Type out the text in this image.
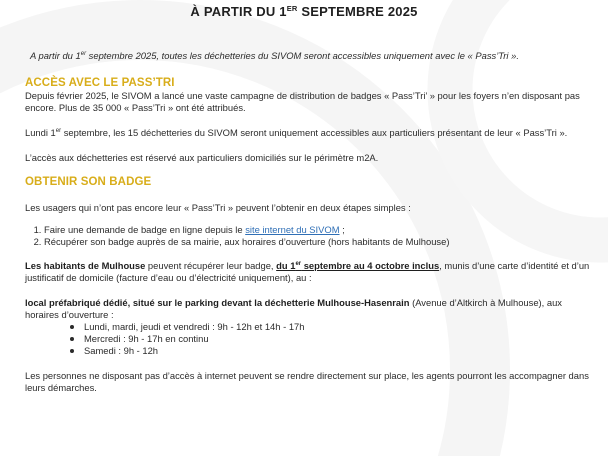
À PARTIR DU 1ER SEPTEMBRE 2025

A partir du 1er septembre 2025, toutes les déchetteries du SIVOM seront accessibles uniquement avec le « Pass’Tri ».

ACCÈS AVEC LE PASS’TRI

Depuis février 2025, le SIVOM a lancé une vaste campagne de distribution de badges « Pass’Tri’ » pour les foyers n’en disposant pas encore. Plus de 35 000 « Pass’Tri » ont été attribués.

Lundi 1er septembre, les 15 déchetteries du SIVOM seront uniquement accessibles aux particuliers présentant de leur « Pass’Tri ».

L’accès aux déchetteries est réservé aux particuliers domiciliés sur le périmètre m2A.

OBTENIR SON BADGE

Les usagers qui n’ont pas encore leur « Pass’Tri » peuvent l’obtenir en deux étapes simples :

1. Faire une demande de badge en ligne depuis le site internet du SIVOM ;
2. Récupérer son badge auprès de sa mairie, aux horaires d’ouverture (hors habitants de Mulhouse)

Les habitants de Mulhouse peuvent récupérer leur badge, du 1er septembre au 4 octobre inclus, munis d’une carte d’identité et d’un justificatif de domicile (facture d’eau ou d’électricité uniquement), au :

local préfabriqué dédié, situé sur le parking devant la déchetterie Mulhouse-Hasenrain (Avenue d’Altkirch à Mulhouse), aux horaires d’ouverture :

Lundi, mardi, jeudi et vendredi : 9h - 12h et 14h - 17h
Mercredi : 9h - 17h en continu
Samedi : 9h - 12h

Les personnes ne disposant pas d’accès à internet peuvent se rendre directement sur place, les agents pourront les accompagner dans leurs démarches.
